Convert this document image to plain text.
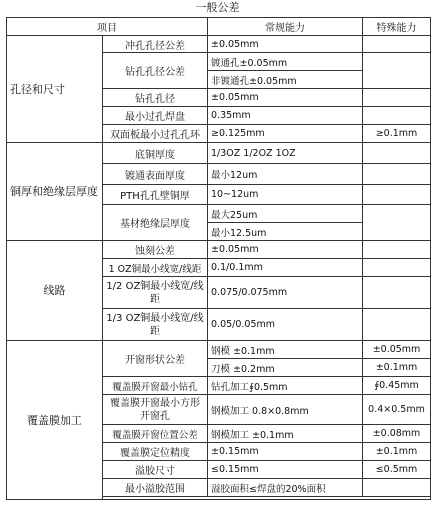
一般公差
项目		常规能力	特殊能力
孔径和尺寸	冲孔孔径公差	±0.05mm	
	钻孔孔径公差	镀通孔±0.05mm	
		非镀通孔±0.05mm	
	钻孔孔径	±0.05mm	
	最小过孔焊盘	0.35mm	
	双面板最小过孔孔环	≥0.125mm	≥0.1mm
铜厚和绝缘层厚度	底铜厚度	1/3OZ 1/2OZ 1OZ	
	镀通表面厚度	最小12um	
	PTH孔孔壁铜厚	10~12um	
	基材绝缘层厚度	最大25um	
		最小12.5um	
线路	蚀刻公差	±0.05mm	
	1 OZ铜最小线宽/线距	0.1/0.1mm	
	1/2 OZ铜最小线宽/线距	0.075/0.075mm	
	1/3 OZ铜最小线宽/线距	0.05/0.05mm	
覆盖膜加工	开窗形状公差	钢模 ±0.1mm	±0.05mm
		刀模 ±0.2mm	±0.1mm
	覆盖膜开窗最小钻孔	钻孔加工∮0.5mm	∮0.45mm
	覆盖膜开窗最小方形开窗孔	钢模加工 0.8×0.8mm	0.4×0.5mm
	覆盖膜开窗位置公差	钢模加工 ±0.1mm	±0.08mm
	覆盖膜定位精度	±0.15mm	±0.1mm
	溢胶尺寸	≤0.15mm	≤0.5mm
	最小溢胶范围	溢胶面积≤焊盘的20%面积	
